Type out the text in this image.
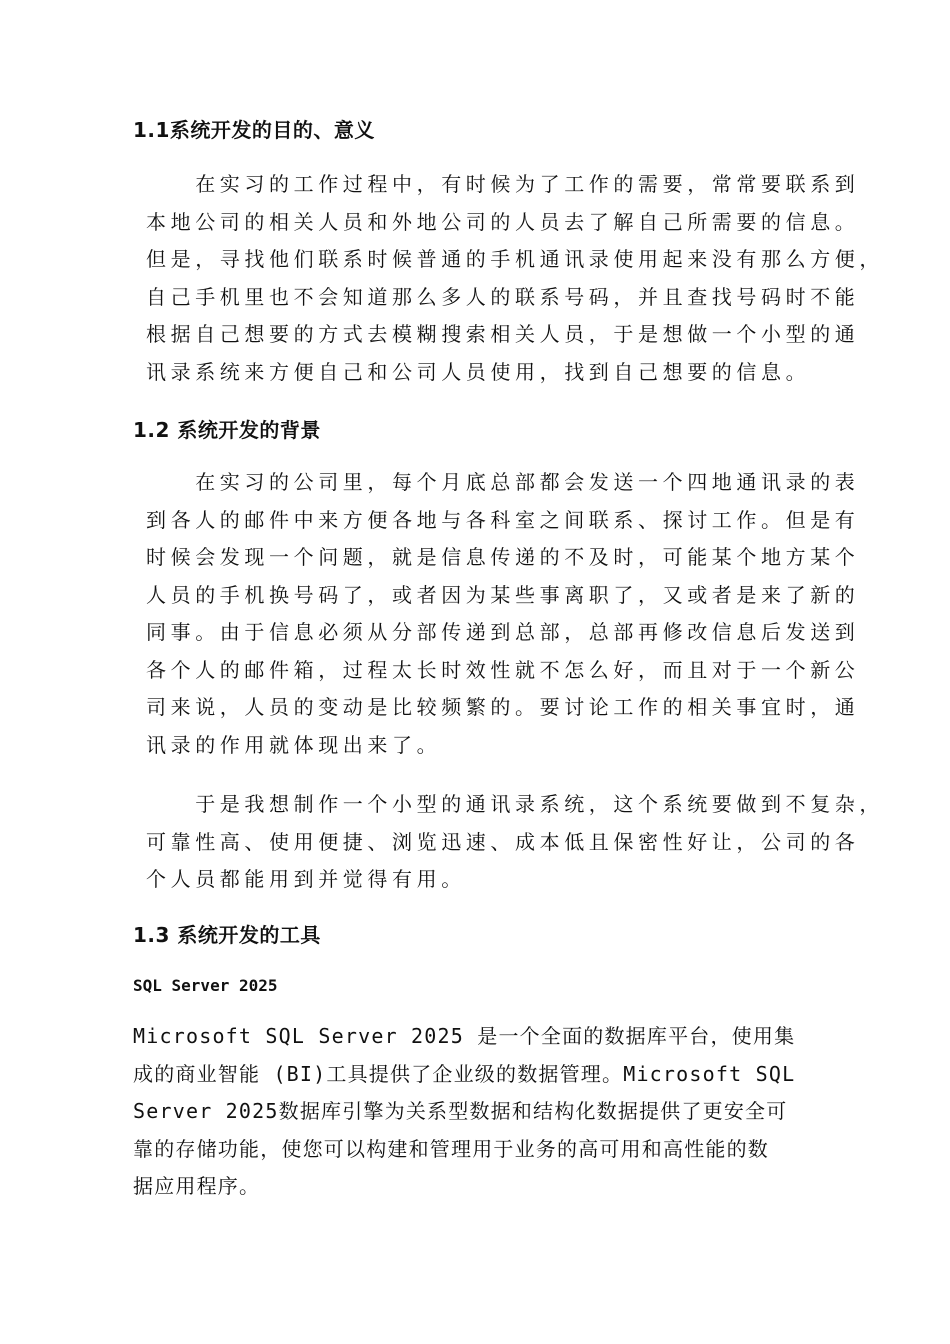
1.1系统开发的目的、意义
　　在实习的工作过程中，有时候为了工作的需要，常常要联系到
本地公司的相关人员和外地公司的人员去了解自己所需要的信息。
但是，寻找他们联系时候普通的手机通讯录使用起来没有那么方便，
自己手机里也不会知道那么多人的联系号码，并且查找号码时不能
根据自己想要的方式去模糊搜索相关人员，于是想做一个小型的通
讯录系统来方便自己和公司人员使用，找到自己想要的信息。
1.2 系统开发的背景
　　在实习的公司里，每个月底总部都会发送一个四地通讯录的表
到各人的邮件中来方便各地与各科室之间联系、探讨工作。但是有
时候会发现一个问题，就是信息传递的不及时，可能某个地方某个
人员的手机换号码了，或者因为某些事离职了，又或者是来了新的
同事。由于信息必须从分部传递到总部，总部再修改信息后发送到
各个人的邮件箱，过程太长时效性就不怎么好，而且对于一个新公
司来说，人员的变动是比较频繁的。要讨论工作的相关事宜时，通
讯录的作用就体现出来了。
　　于是我想制作一个小型的通讯录系统，这个系统要做到不复杂，
可靠性高、使用便捷、浏览迅速、成本低且保密性好让，公司的各
个人员都能用到并觉得有用。
1.3 系统开发的工具
SQL Server 2025
Microsoft SQL Server 2025 是一个全面的数据库平台，使用集
成的商业智能 (BI)工具提供了企业级的数据管理。Microsoft SQL
Server 2025数据库引擎为关系型数据和结构化数据提供了更安全可
靠的存储功能，使您可以构建和管理用于业务的高可用和高性能的数
据应用程序。
